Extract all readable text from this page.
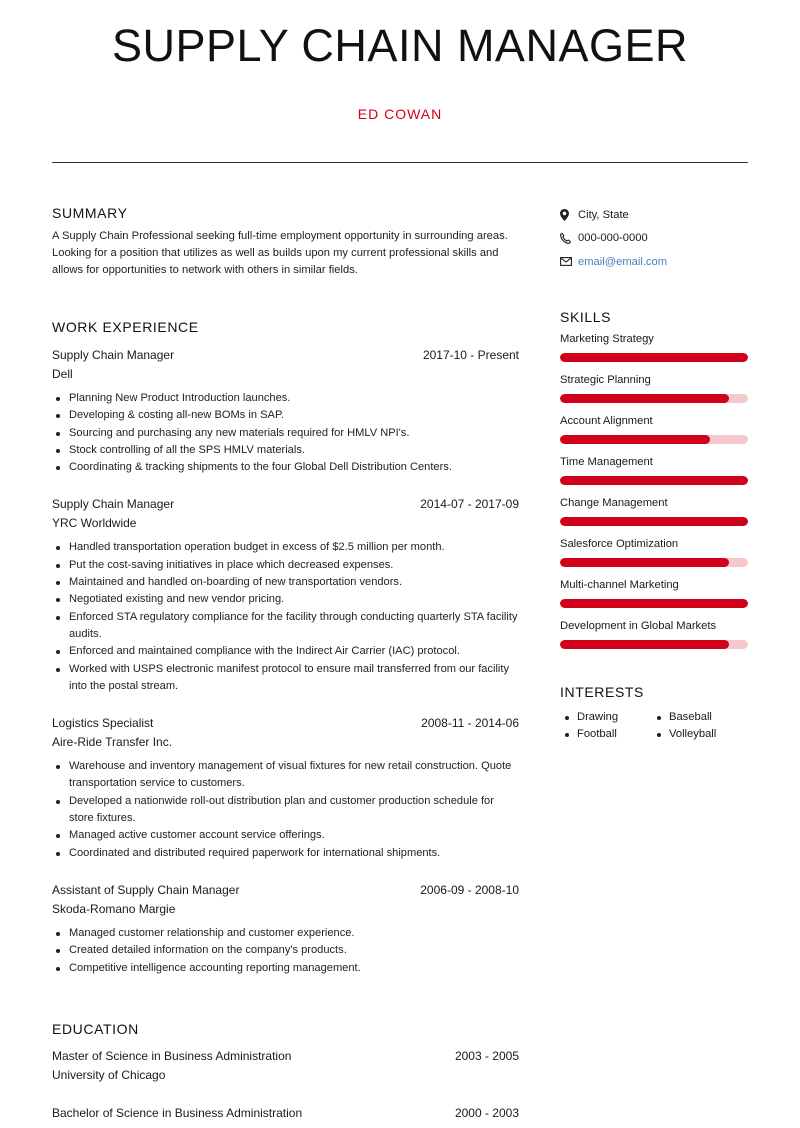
SUPPLY CHAIN MANAGER
ED COWAN
SUMMARY
A Supply Chain Professional seeking full-time employment opportunity in surrounding areas. Looking for a position that utilizes as well as builds upon my current professional skills and allows for opportunities to network with others in similar fields.
WORK EXPERIENCE
Supply Chain Manager	2017-10 - Present
Dell
Planning New Product Introduction launches.
Developing & costing all-new BOMs in SAP.
Sourcing and purchasing any new materials required for HMLV NPI's.
Stock controlling of all the SPS HMLV materials.
Coordinating & tracking shipments to the four Global Dell Distribution Centers.
Supply Chain Manager	2014-07 - 2017-09
YRC Worldwide
Handled transportation operation budget in excess of $2.5 million per month.
Put the cost-saving initiatives in place which decreased expenses.
Maintained and handled on-boarding of new transportation vendors.
Negotiated existing and new vendor pricing.
Enforced STA regulatory compliance for the facility through conducting quarterly STA facility audits.
Enforced and maintained compliance with the Indirect Air Carrier (IAC) protocol.
Worked with USPS electronic manifest protocol to ensure mail transferred from our facility into the postal stream.
Logistics Specialist	2008-11 - 2014-06
Aire-Ride Transfer Inc.
Warehouse and inventory management of visual fixtures for new retail construction. Quote transportation service to customers.
Developed a nationwide roll-out distribution plan and customer production schedule for store fixtures.
Managed active customer account service offerings.
Coordinated and distributed required paperwork for international shipments.
Assistant of Supply Chain Manager	2006-09 - 2008-10
Skoda-Romano Margie
Managed customer relationship and customer experience.
Created detailed information on the company's products.
Competitive intelligence accounting reporting management.
EDUCATION
Master of Science in Business Administration	2003 - 2005
University of Chicago
Bachelor of Science in Business Administration	2000 - 2003
City, State
000-000-0000
email@email.com
SKILLS
Marketing Strategy
Strategic Planning
Account Alignment
Time Management
Change Management
Salesforce Optimization
Multi-channel Marketing
Development in Global Markets
INTERESTS
Drawing	Baseball
Football	Volleyball
